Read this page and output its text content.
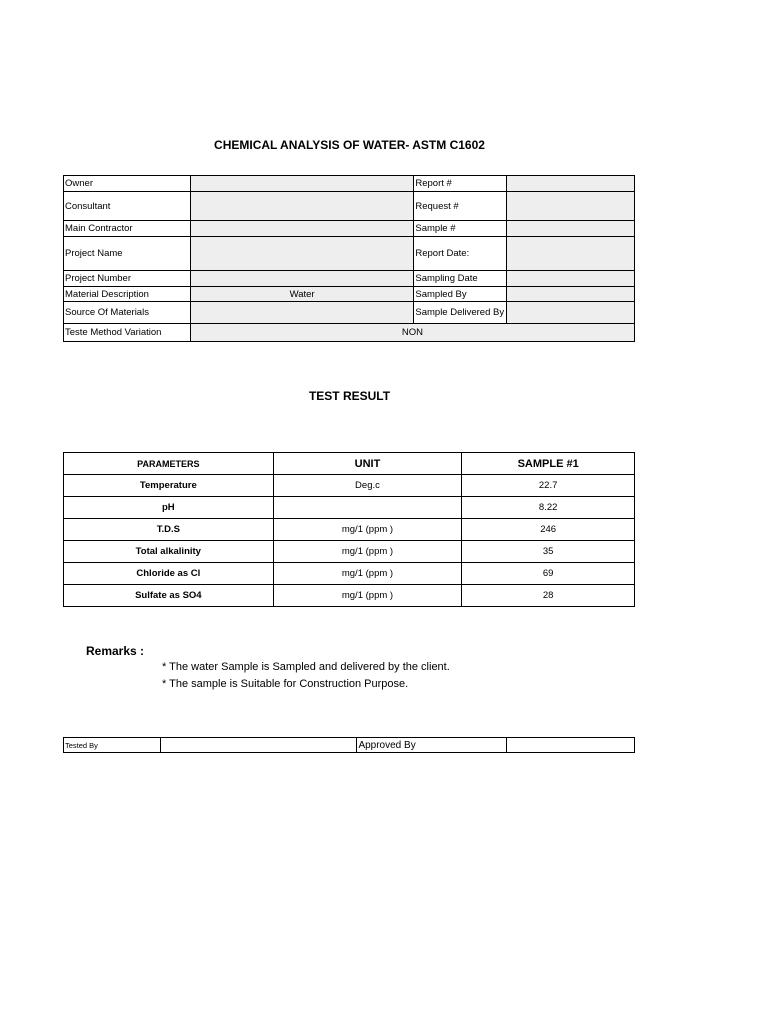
CHEMICAL ANALYSIS OF WATER- ASTM C1602
Owner		Report #	
Consultant		Request #	
Main Contractor		Sample #	
Project Name		Report Date:	
Project Number		Sampling Date	
Material Description	Water	Sampled By	
Source Of Materials		Sample Delivered By	
Teste Method Variation	NON		
TEST RESULT
PARAMETERS	UNIT	SAMPLE #1
Temperature	Deg.c	22.7
pH		8.22
T.D.S	mg/1 (ppm )	246
Total alkalinity	mg/1 (ppm )	35
Chloride as Cl	mg/1 (ppm )	69
Sulfate as SO4	mg/1 (ppm )	28
Remarks :
* The water Sample is Sampled and delivered by the client.
* The sample is Suitable for Construction Purpose.
Tested By		Approved By	
